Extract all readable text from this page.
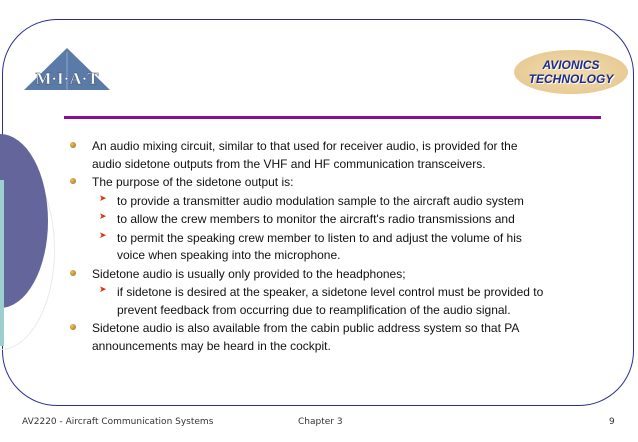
M·I·A·T
AVIONICS
TECHNOLOGY
An audio mixing circuit, similar to that used for receiver audio, is provided for the
audio sidetone outputs from the VHF and HF communication transceivers.
The purpose of the sidetone output is:
➤ to provide a transmitter audio modulation sample to the aircraft audio system
➤ to allow the crew members to monitor the aircraft's radio transmissions and
➤ to permit the speaking crew member to listen to and adjust the volume of his
voice when speaking into the microphone.
Sidetone audio is usually only provided to the headphones;
➤ if sidetone is desired at the speaker, a sidetone level control must be provided to
prevent feedback from occurring due to reamplification of the audio signal.
Sidetone audio is also available from the cabin public address system so that PA
announcements may be heard in the cockpit.
AV2220 - Aircraft Communication Systems	Chapter 3	9
